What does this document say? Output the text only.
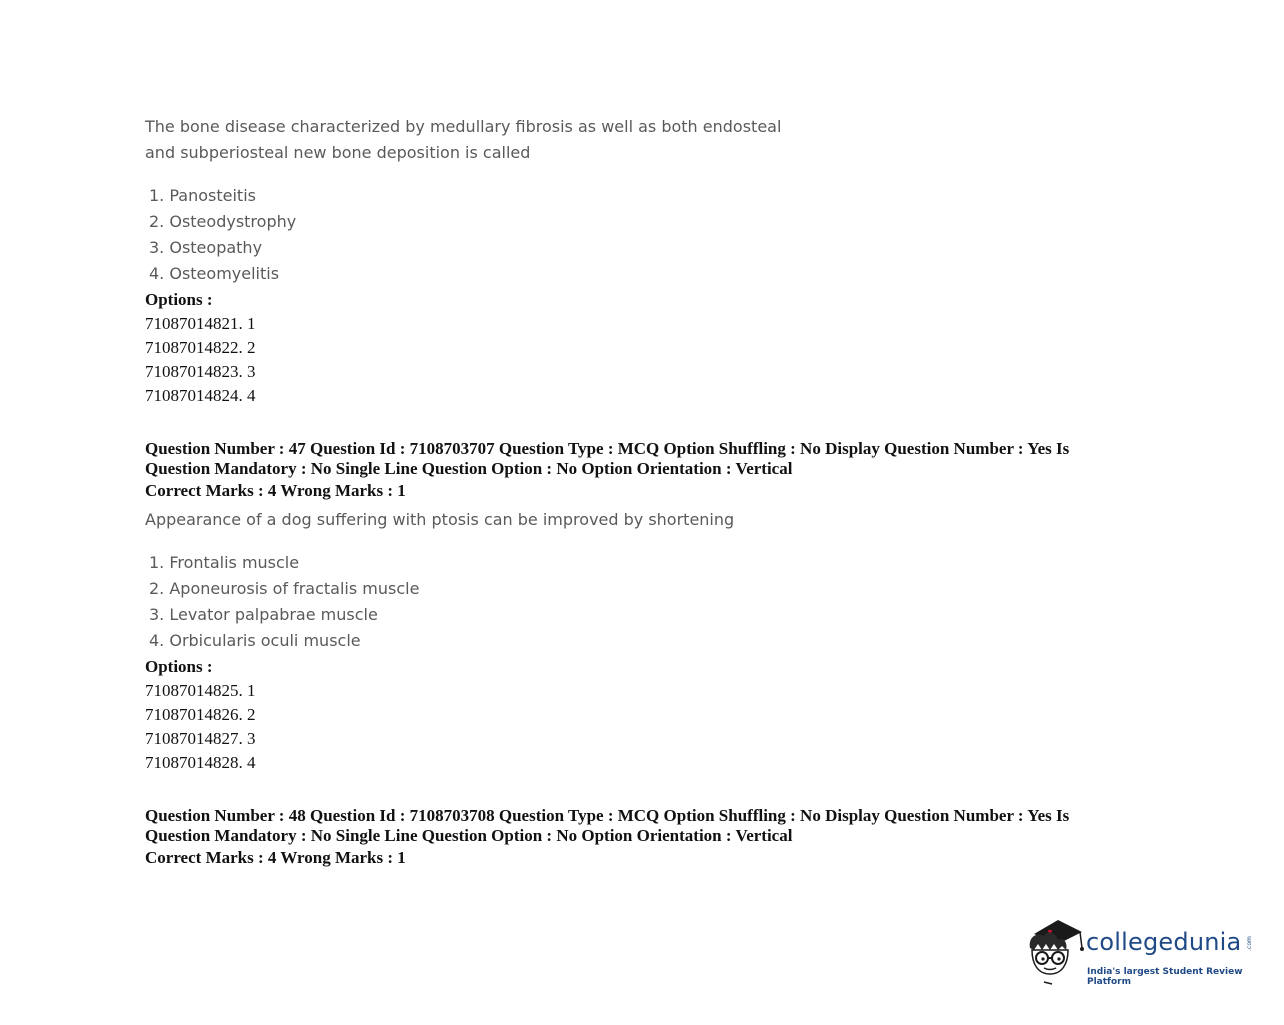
The bone disease characterized by medullary fibrosis as well as both endosteal and subperiosteal new bone deposition is called

1. Panosteitis
2. Osteodystrophy
3. Osteopathy
4. Osteomyelitis
Options :
71087014821. 1
71087014822. 2
71087014823. 3
71087014824. 4
Question Number : 47 Question Id : 7108703707 Question Type : MCQ Option Shuffling : No Display Question Number : Yes Is Question Mandatory : No Single Line Question Option : No Option Orientation : Vertical
Correct Marks : 4 Wrong Marks : 1

Appearance of a dog suffering with ptosis can be improved by shortening

1. Frontalis muscle
2. Aponeurosis of fractalis muscle
3. Levator palpabrae muscle
4. Orbicularis oculi muscle
Options :
71087014825. 1
71087014826. 2
71087014827. 3
71087014828. 4
Question Number : 48 Question Id : 7108703708 Question Type : MCQ Option Shuffling : No Display Question Number : Yes Is Question Mandatory : No Single Line Question Option : No Option Orientation : Vertical
Correct Marks : 4 Wrong Marks : 1
collegedunia .com
India's largest Student Review Platform
